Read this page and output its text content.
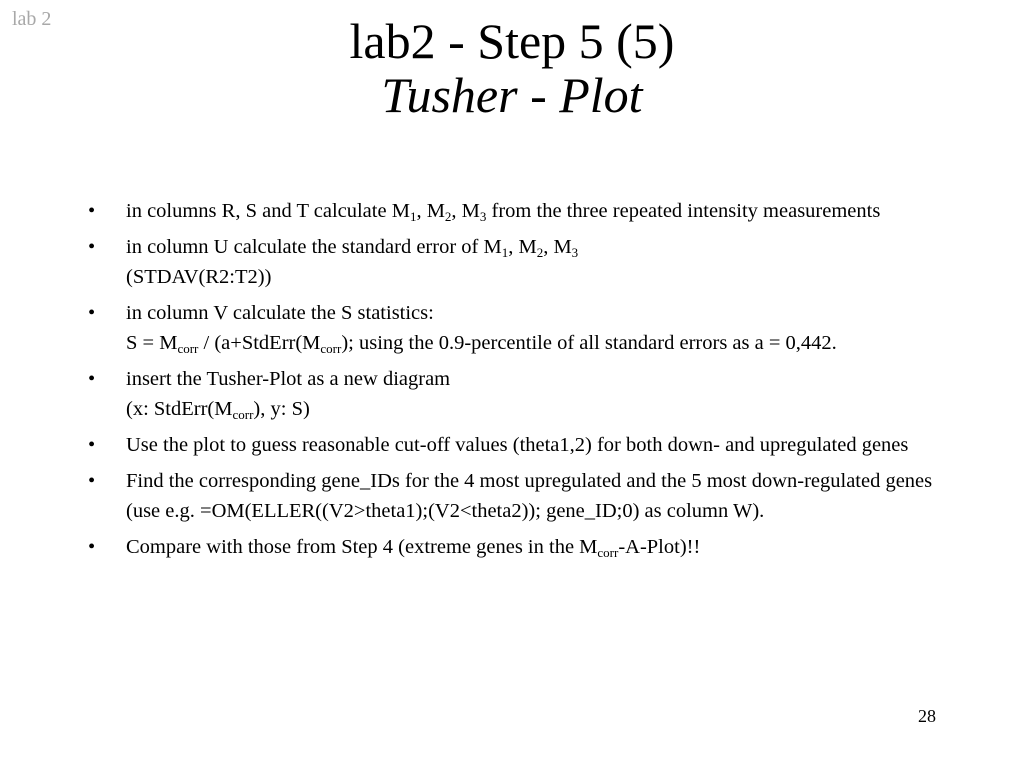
lab 2	lab2 - Step 5 (5)
Tusher - Plot
• in columns R, S and T calculate $M_1$, $M_2$, $M_3$ from the three repeated intensity measurements
• in column U calculate the standard error of $M_1$, $M_2$, $M_3$
(STDAV(R2:T2))
• in column V calculate the S statistics:
$S = M_{corr}$ / ($a+StdErr(M_{corr})$; using the 0.9-percentile of all standard errors as a = 0,442.
• insert the Tusher-Plot as a new diagram
(x: $StdErr(M_{corr})$, y: S)
• Use the plot to guess reasonable cut-off values (theta1,2) for both down- and upregulated genes
• Find the corresponding gene_IDs for the 4 most upregulated and the 5 most down-regulated genes
(use e.g. =OM(ELLER((V2>theta1);(V2<theta2)); gene_ID;0) as column W).
• Compare with those from Step 4 (extreme genes in the $M_{corr}-A-Plot$)!!
28
